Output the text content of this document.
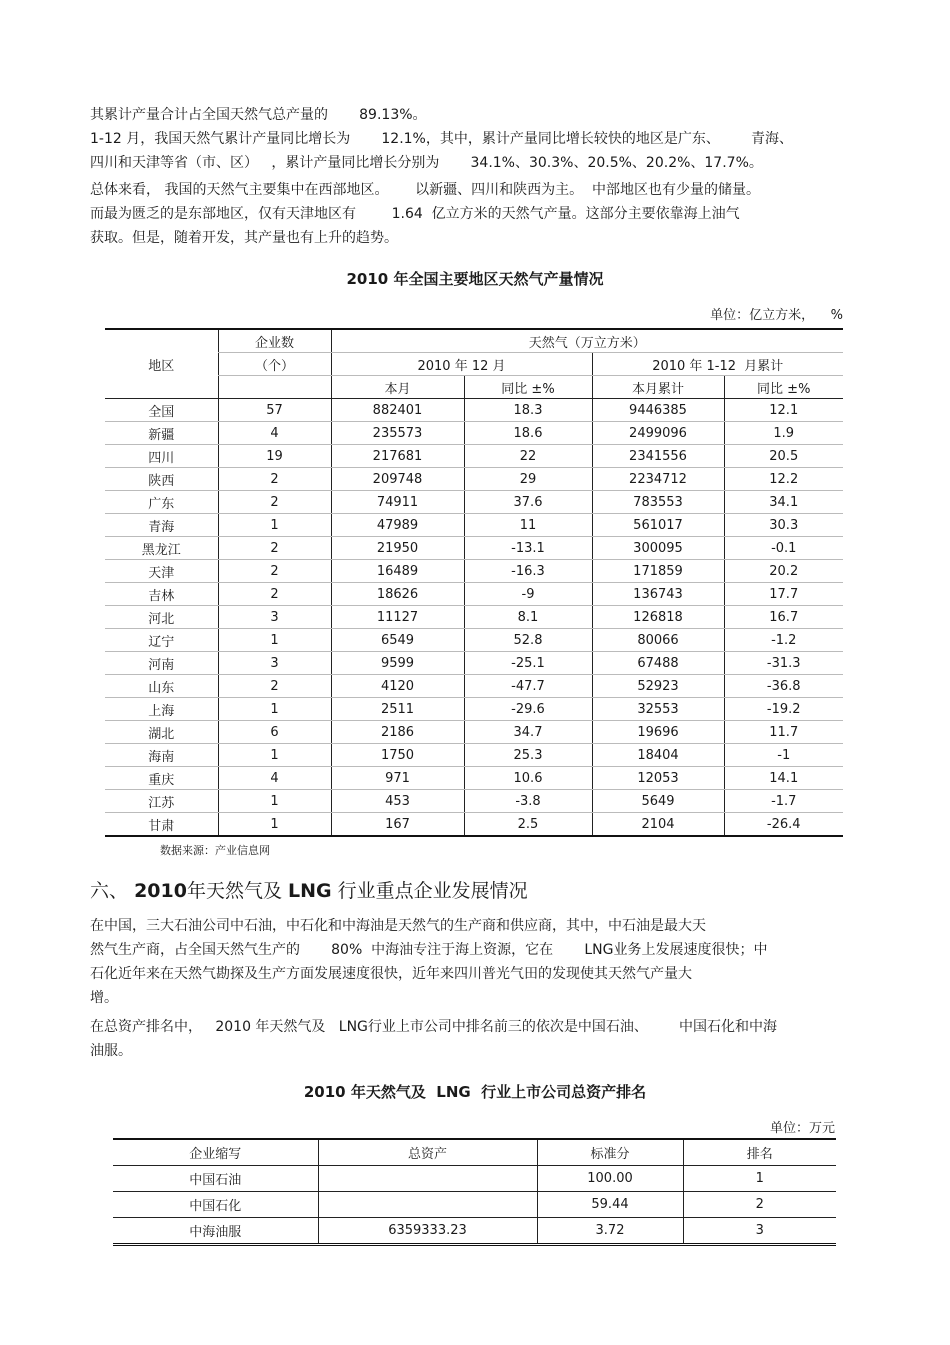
其累计产量合计占全国天然气总产量的       89.13%。
1-12 月，我国天然气累计产量同比增长为       12.1%，其中，累计产量同比增长较快的地区是广东、       青海、
四川和天津等省（市、区）   ，累计产量同比增长分别为       34.1%、30.3%、20.5%、20.2%、17.7%。
总体来看， 我国的天然气主要集中在西部地区。      以新疆、四川和陕西为主。  中部地区也有少量的储量。
而最为匮乏的是东部地区，仅有天津地区有        1.64  亿立方米的天然气产量。这部分主要依靠海上油气
获取。但是，随着开发，其产量也有上升的趋势。

2010 年全国主要地区天然气产量情况

单位：亿立方米，    %

地区	企业数	天然气（万立方米）			
	（个）	2010 年 12 月		2010 年 1-12  月累计	
		本月	同比 ±%	本月累计	同比 ±%
全国	57	882401	18.3	9446385	12.1
新疆	4	235573	18.6	2499096	1.9
四川	19	217681	22	2341556	20.5
陕西	2	209748	29	2234712	12.2
广东	2	74911	37.6	783553	34.1
青海	1	47989	11	561017	30.3
黑龙江	2	21950	-13.1	300095	-0.1
天津	2	16489	-16.3	171859	20.2
吉林	2	18626	-9	136743	17.7
河北	3	11127	8.1	126818	16.7
辽宁	1	6549	52.8	80066	-1.2
河南	3	9599	-25.1	67488	-31.3
山东	2	4120	-47.7	52923	-36.8
上海	1	2511	-29.6	32553	-19.2
湖北	6	2186	34.7	19696	11.7
海南	1	1750	25.3	18404	-1
重庆	4	971	10.6	12053	14.1
江苏	1	453	-3.8	5649	-1.7
甘肃	1	167	2.5	2104	-26.4

数据来源：产业信息网

六、 2010年天然气及 LNG 行业重点企业发展情况
在中国，三大石油公司中石油，中石化和中海油是天然气的生产商和供应商，其中，中石油是最大天
然气生产商，占全国天然气生产的       80%  中海油专注于海上资源，它在       LNG业务上发展速度很快；中
石化近年来在天然气勘探及生产方面发展速度很快，近年来四川普光气田的发现使其天然气产量大
增。
在总资产排名中，   2010 年天然气及   LNG行业上市公司中排名前三的依次是中国石油、       中国石化和中海
油服。

2010 年天然气及  LNG  行业上市公司总资产排名

单位：万元

企业缩写	总资产	标准分	排名
中国石油		100.00	1
中国石化		59.44	2
中海油服	6359333.23	3.72	3
